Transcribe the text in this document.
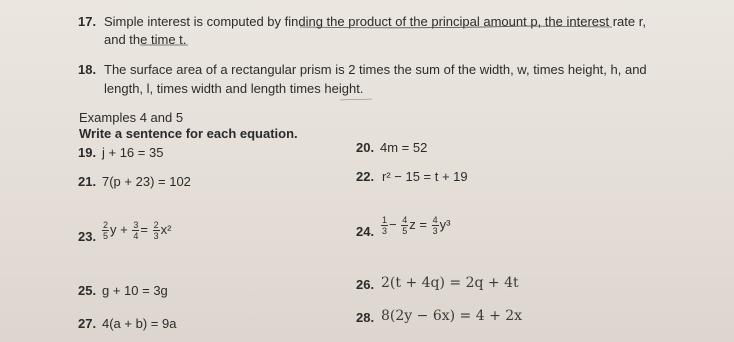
17. Simple interest is computed by finding the product of the principal amount p, the interest rate r,
and the time t.
18. The surface area of a rectangular prism is 2 times the sum of the width, w, times height, h, and
length, l, times width and length times height.
Examples 4 and 5
Write a sentence for each equation.
19. j + 16 = 35	20. 4m = 52
21. 7(p + 23) = 102	22. r² − 15 = t + 19
23. $\frac{2}{5}$ $y + \frac{3}{4} = \frac{2}{3} x^2$	24. $\frac{1}{3} - \frac{4}{5}$ $z = \frac{4}{3} y^3$
25. g + 10 = 3g	26. 2(t + 4q) = 2q + 4t
27. 4(a + b) = 9a	28. 8(2y − 6x) = 4 + 2x
